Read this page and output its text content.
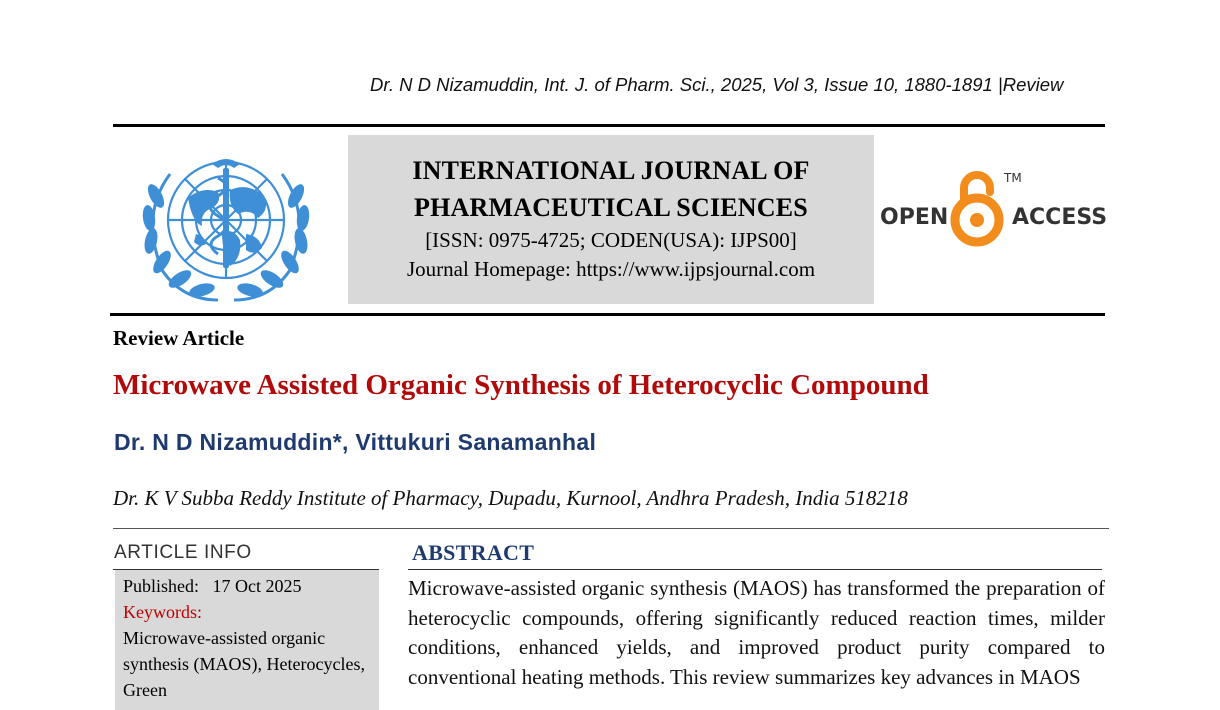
Dr. N D Nizamuddin, Int. J. of Pharm. Sci., 2025, Vol 3, Issue 10, 1880-1891 |Review
INTERNATIONAL JOURNAL OF
PHARMACEUTICAL SCIENCES
[ISSN: 0975-4725; CODEN(USA): IJPS00]
Journal Homepage: https://www.ijpsjournal.com
OPEN
TM
ACCESS
Review Article
Microwave Assisted Organic Synthesis of Heterocyclic Compound
Dr. N D Nizamuddin*, Vittukuri Sanamanhal
Dr. K V Subba Reddy Institute of Pharmacy, Dupadu, Kurnool, Andhra Pradesh, India 518218
ARTICLE INFO
Published: 17 Oct 2025
Keywords:
Microwave-assisted organic synthesis (MAOS), Heterocycles, Green
ABSTRACT
Microwave-assisted organic synthesis (MAOS) has transformed the preparation of heterocyclic compounds, offering significantly reduced reaction times, milder conditions, enhanced yields, and improved product purity compared to conventional heating methods. This review summarizes key advances in MAOS
